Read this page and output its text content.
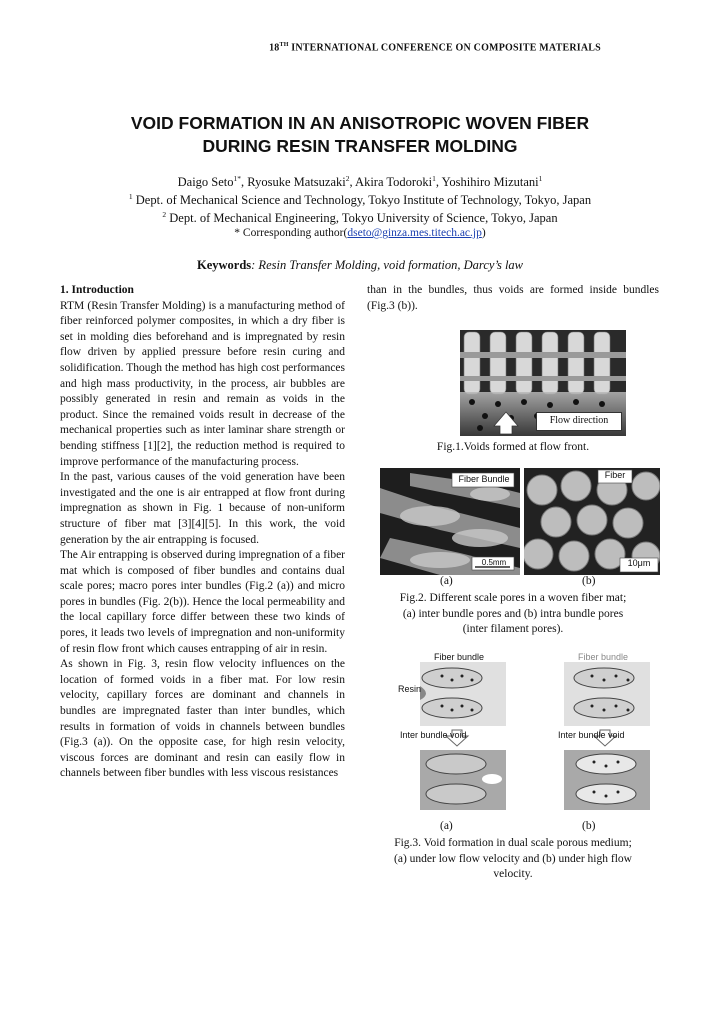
18TH INTERNATIONAL CONFERENCE ON COMPOSITE MATERIALS
VOID FORMATION IN AN ANISOTROPIC WOVEN FIBER
DURING RESIN TRANSFER MOLDING
Daigo Seto$^{1*}$, Ryosuke Matsuzaki$^2$, Akira Todoroki$^1$, Yoshihiro Mizutani$^1$
$^1$ Dept. of Mechanical Science and Technology, Tokyo Institute of Technology, Tokyo, Japan
$^2$ Dept. of Mechanical Engineering, Tokyo University of Science, Tokyo, Japan
* Corresponding author(dseto@ginza.mes.titech.ac.jp)
Keywords: Resin Transfer Molding, void formation, Darcy’s law
1. Introduction

RTM (Resin Transfer Molding) is a manufacturing method of fiber reinforced polymer composites, in which a dry fiber is set in molding dies beforehand and is impregnated by resin flow driven by applied pressure before resin curing and solidification. Though the method has high cost performances and high mass productivity, in the process, air bubbles are possibly generated in resin and remain as voids in the product. Since the remained voids result in decrease of the mechanical properties such as inter laminar share strength or bending stiffness [1][2], the reduction method is required to improve performance of the manufacturing process.

In the past, various causes of the void generation have been investigated and the one is air entrapped at flow front during impregnation as shown in Fig. 1 because of non-uniform structure of fiber mat [3][4][5]. In this work, the void generation by the air entrapping is focused.

The Air entrapping is observed during impregnation of a fiber mat which is composed of fiber bundles and contains dual scale pores; macro pores inter bundles (Fig.2 (a)) and micro pores in bundles (Fig. 2(b)). Hence the local permeability and the local capillary force differ between these two kinds of pores, it leads two levels of impregnation and non-uniformity of resin flow front which causes entrapping of air in resin.

As shown in Fig. 3, resin flow velocity influences on the location of formed voids in a fiber mat. For low resin velocity, capillary forces are dominant and channels in bundles are impregnated faster than inter bundles, which results in formation of voids in channels between bundles (Fig.3 (a)). On the opposite case, for high resin velocity, viscous forces are dominant and resin can easily flow in channels between fiber bundles with less viscous resistances

than in the bundles, thus voids are formed inside bundles (Fig.3 (b)).
Flow direction
Fig.1.Voids formed at flow front.
Fiber Bundle
0.5mm
Fiber
10μm
(a)	(b)
Fig.2. Different scale pores in a woven fiber mat;
(a) inter bundle pores and (b) intra bundle pores
(inter filament pores).
Fiber bundle	Fiber bundle
Resin
Inter bundle void	Inter bundle void
(a)	(b)
Fig.3. Void formation in dual scale porous medium;
(a) under low flow velocity and (b) under high flow
velocity.
